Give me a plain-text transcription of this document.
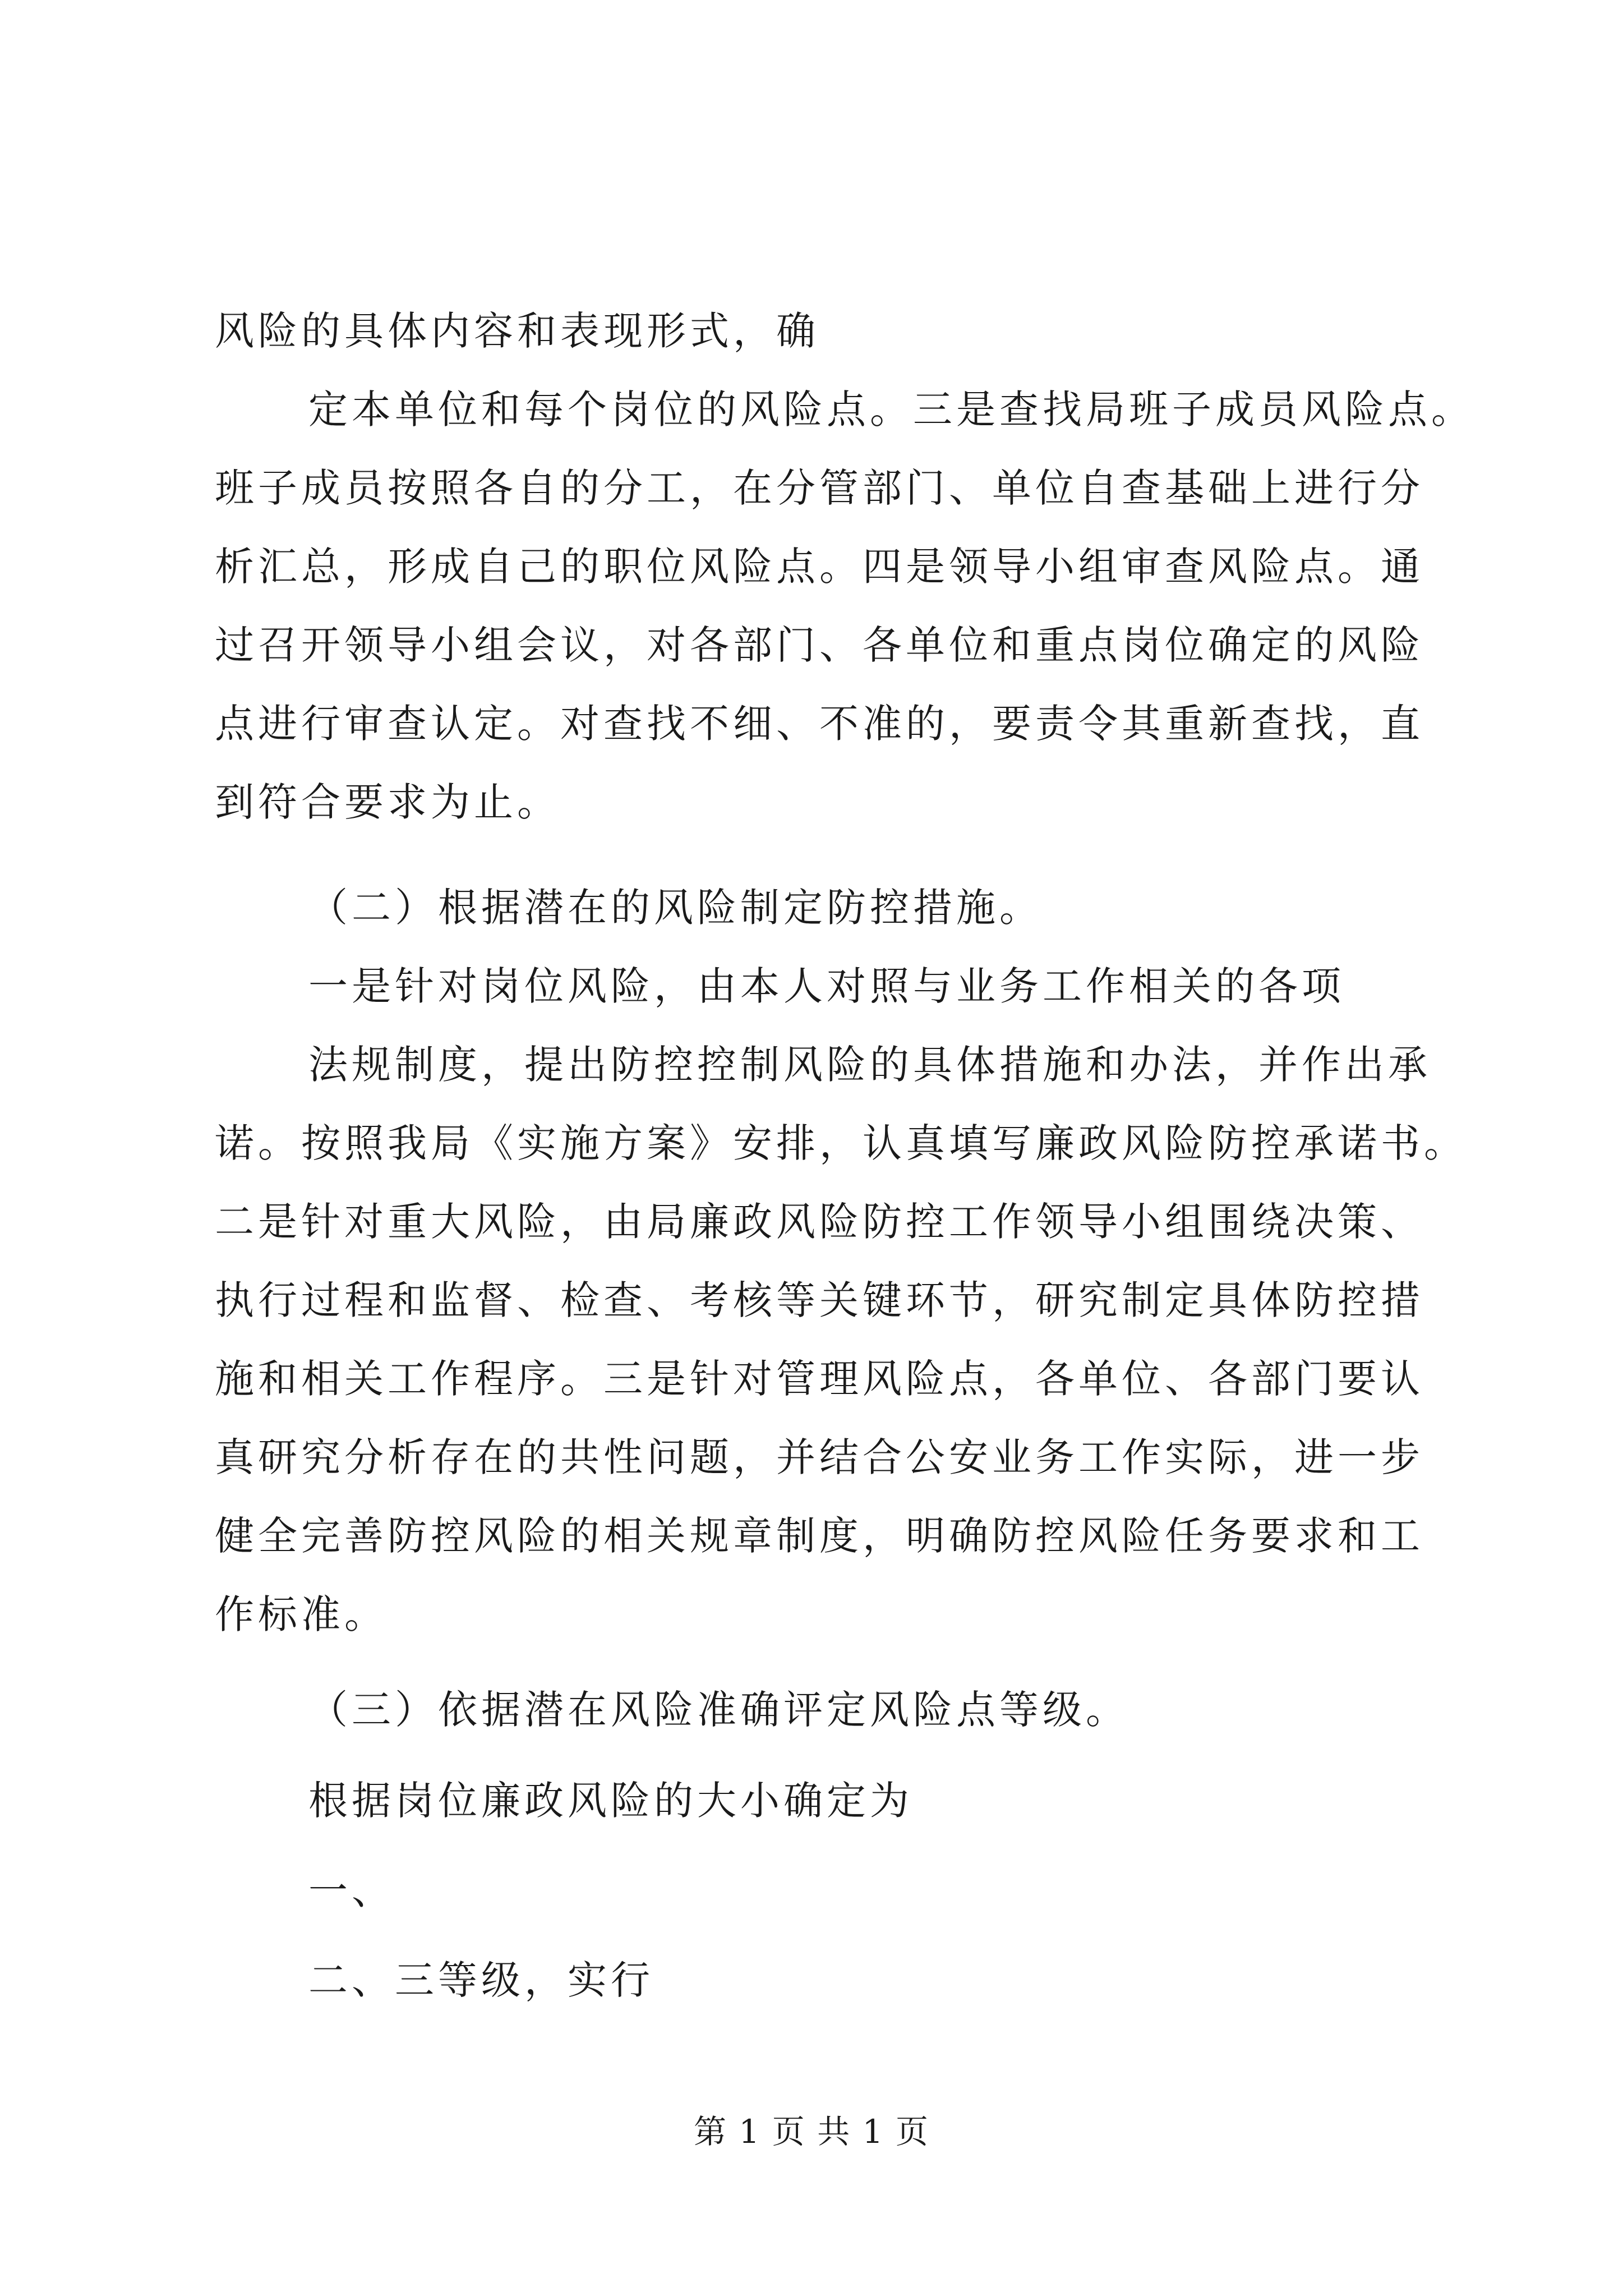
风险的具体内容和表现形式，确
定本单位和每个岗位的风险点。三是查找局班子成员风险点。
班子成员按照各自的分工，在分管部门、单位自查基础上进行分
析汇总，形成自己的职位风险点。四是领导小组审查风险点。通
过召开领导小组会议，对各部门、各单位和重点岗位确定的风险
点进行审查认定。对查找不细、不准的，要责令其重新查找，直
到符合要求为止。
（二）根据潜在的风险制定防控措施。
一是针对岗位风险，由本人对照与业务工作相关的各项
法规制度，提出防控控制风险的具体措施和办法，并作出承
诺。按照我局《实施方案》安排，认真填写廉政风险防控承诺书。
二是针对重大风险，由局廉政风险防控工作领导小组围绕决策、
执行过程和监督、检查、考核等关键环节，研究制定具体防控措
施和相关工作程序。三是针对管理风险点，各单位、各部门要认
真研究分析存在的共性问题，并结合公安业务工作实际，进一步
健全完善防控风险的相关规章制度，明确防控风险任务要求和工
作标准。
（三）依据潜在风险准确评定风险点等级。
根据岗位廉政风险的大小确定为
一、
二、三等级，实行
第 1 页 共 1 页
